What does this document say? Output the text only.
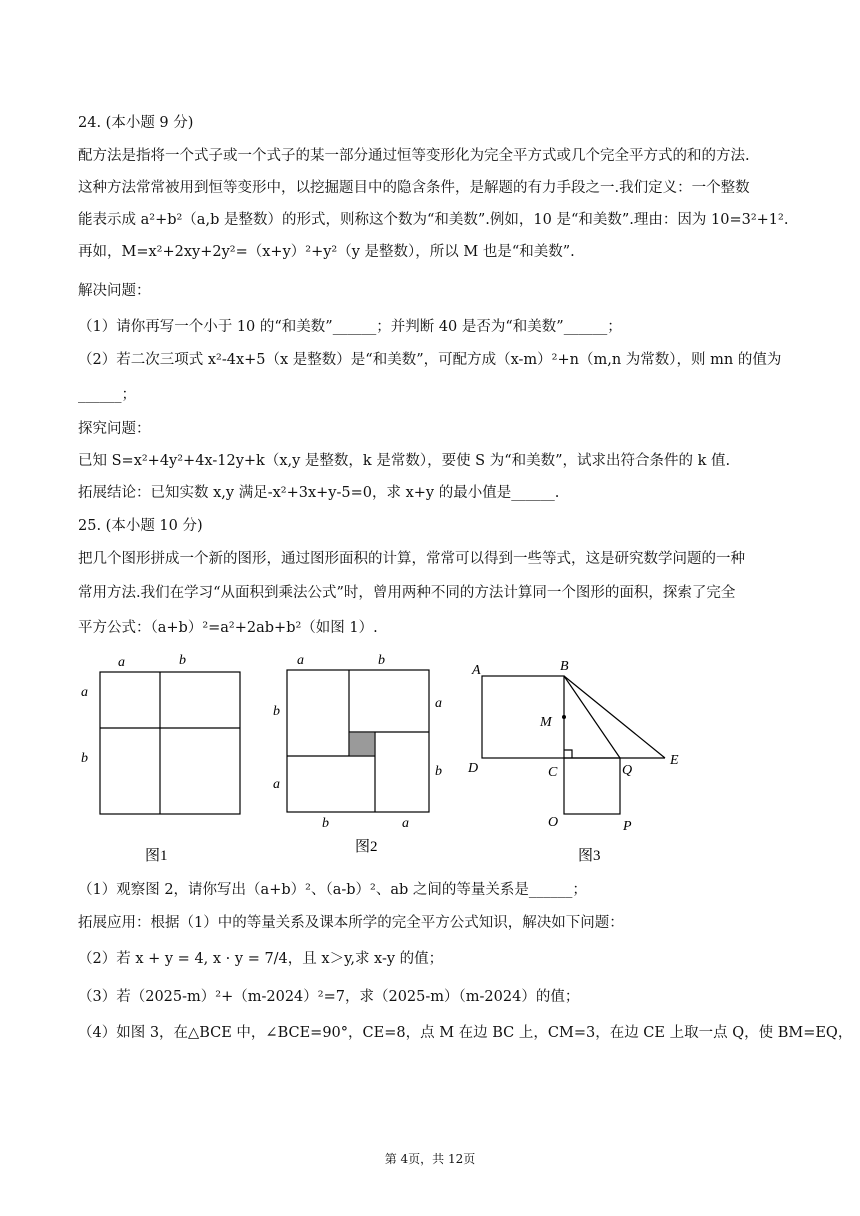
24. (本小题 9 分)
配方法是指将一个式子或一个式子的某一部分通过恒等变形化为完全平方式或几个完全平方式的和的方法.
这种方法常常被用到恒等变形中，以挖掘题目中的隐含条件，是解题的有力手段之一.我们定义：一个整数
能表示成 a²+b²（a,b 是整数）的形式，则称这个数为“和美数”.例如，10 是“和美数”.理由：因为 10=3²+1².
再如，M=x²+2xy+2y²=（x+y）²+y²（y 是整数），所以 M 也是“和美数”.
解决问题：
（1）请你再写一个小于 10 的“和美数”______；并判断 40 是否为“和美数”______；
（2）若二次三项式 x²-4x+5（x 是整数）是“和美数”，可配方成（x-m）²+n（m,n 为常数），则 mn 的值为
______；
探究问题：
已知 S=x²+4y²+4x-12y+k（x,y 是整数，k 是常数），要使 S 为“和美数”，试求出符合条件的 k 值.
拓展结论：已知实数 x,y 满足-x²+3x+y-5=0，求 x+y 的最小值是______.
25. (本小题 10 分)
把几个图形拼成一个新的图形，通过图形面积的计算，常常可以得到一些等式，这是研究数学问题的一种
常用方法.我们在学习“从面积到乘法公式”时，曾用两种不同的方法计算同一个图形的面积，探索了完全
平方公式：（a+b）²=a²+2ab+b²（如图 1）.
（1）观察图 2，请你写出（a+b）²、（a-b）²、ab 之间的等量关系是______；
拓展应用：根据（1）中的等量关系及课本所学的完全平方公式知识，解决如下问题：
（2）若 x + y = 4, x · y = 7/4，且 x＞y,求 x-y 的值；
（3）若（2025-m）²+（m-2024）²=7，求（2025-m）（m-2024）的值；
（4）如图 3，在△BCE 中，∠BCE=90°，CE=8，点 M 在边 BC 上，CM=3，在边 CE 上取一点 Q，使 BM=EQ，
a	b
a
b
图1
a	b
a
b
b
a
b	a
图2
A	B
M
D	C	Q
E
O	P
图3
第 4页，共 12页
